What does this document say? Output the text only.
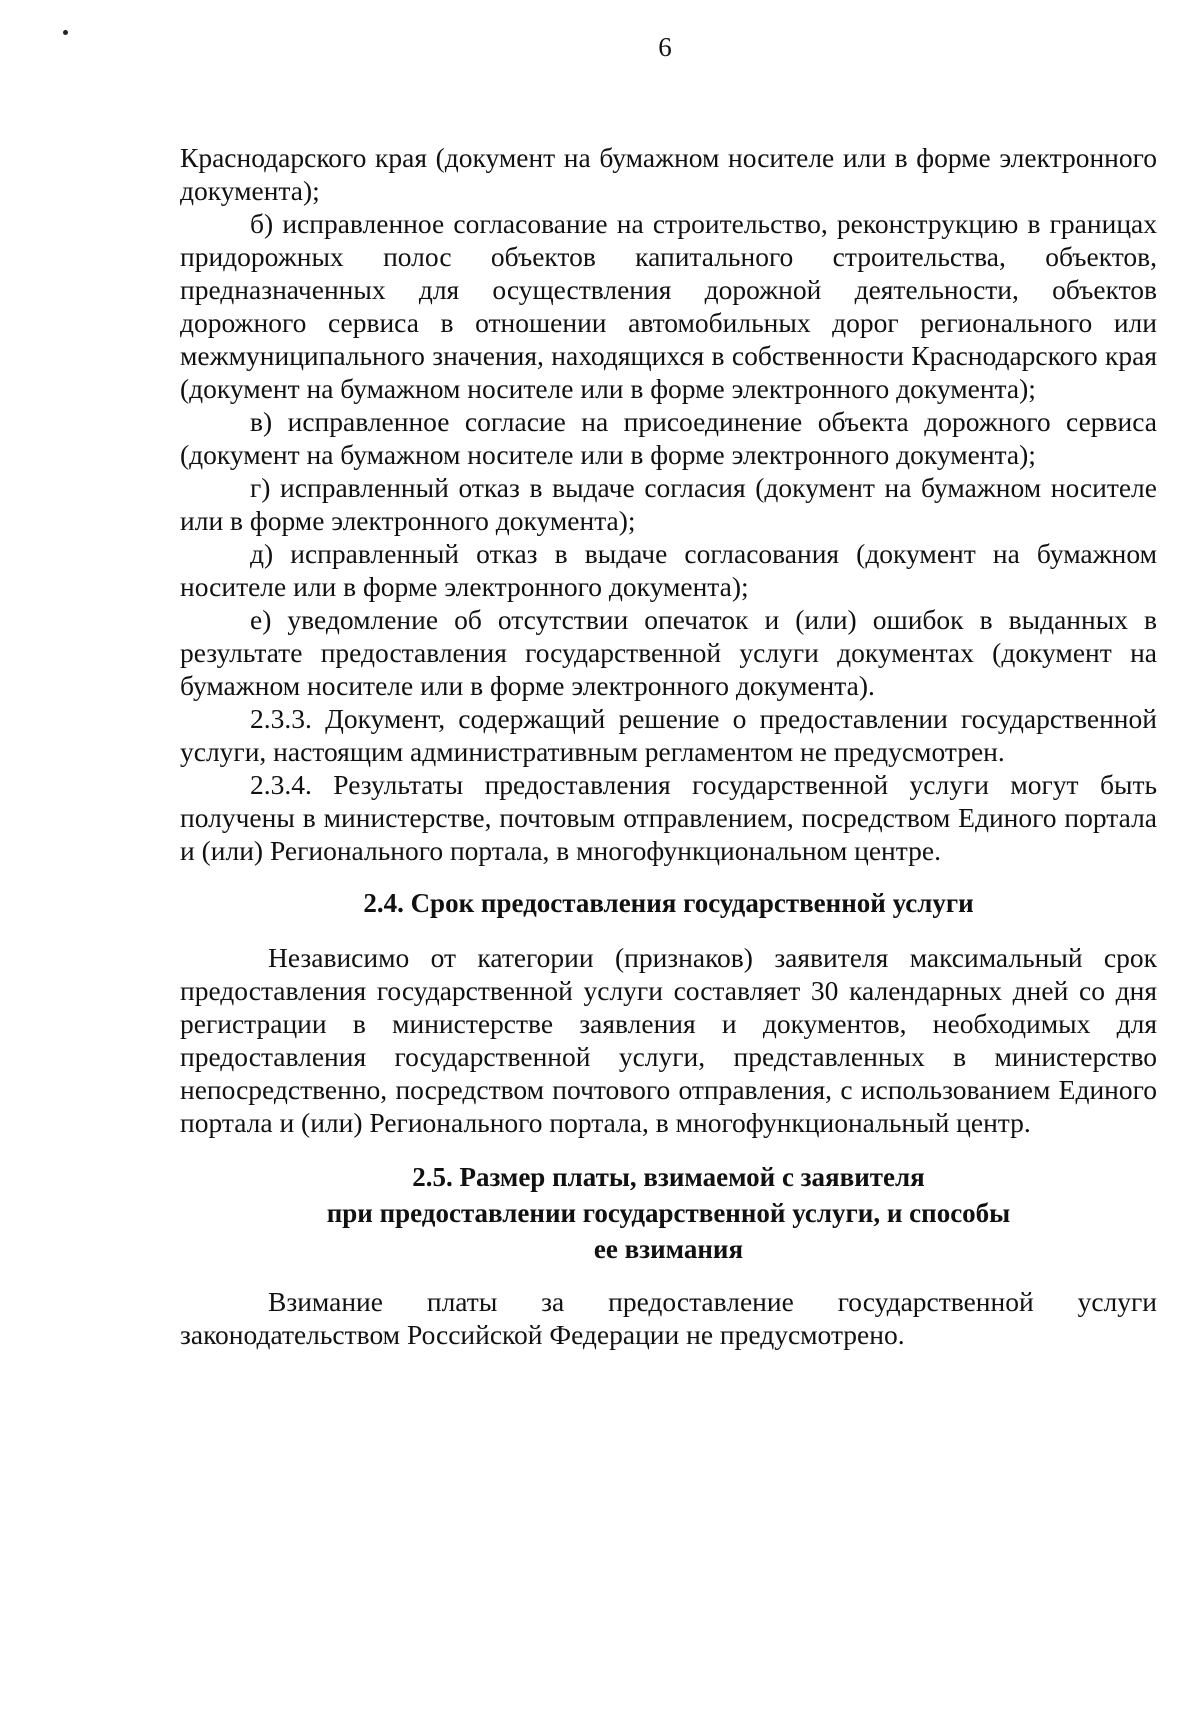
6

Краснодарского края (документ на бумажном носителе или в форме электронного документа);

б) исправленное согласование на строительство, реконструкцию в границах придорожных полос объектов капитального строительства, объектов, предназначенных для осуществления дорожной деятельности, объектов дорожного сервиса в отношении автомобильных дорог регионального или межмуниципального значения, находящихся в собственности Краснодарского края (документ на бумажном носителе или в форме электронного документа);

в) исправленное согласие на присоединение объекта дорожного сервиса (документ на бумажном носителе или в форме электронного документа);

г) исправленный отказ в выдаче согласия (документ на бумажном носителе или в форме электронного документа);

д) исправленный отказ в выдаче согласования (документ на бумажном носителе или в форме электронного документа);

е) уведомление об отсутствии опечаток и (или) ошибок в выданных в результате предоставления государственной услуги документах (документ на бумажном носителе или в форме электронного документа).

2.3.3. Документ, содержащий решение о предоставлении государственной услуги, настоящим административным регламентом не предусмотрен.

2.3.4. Результаты предоставления государственной услуги могут быть получены в министерстве, почтовым отправлением, посредством Единого портала и (или) Регионального портала, в многофункциональном центре.

2.4. Срок предоставления государственной услуги

Независимо от категории (признаков) заявителя максимальный срок предоставления государственной услуги составляет 30 календарных дней со дня регистрации в министерстве заявления и документов, необходимых для предоставления государственной услуги, представленных в министерство непосредственно, посредством почтового отправления, с использованием Единого портала и (или) Регионального портала, в многофункциональный центр.

2.5. Размер платы, взимаемой с заявителя
при предоставлении государственной услуги, и способы
ее взимания

Взимание платы за предоставление государственной услуги законодательством Российской Федерации не предусмотрено.
